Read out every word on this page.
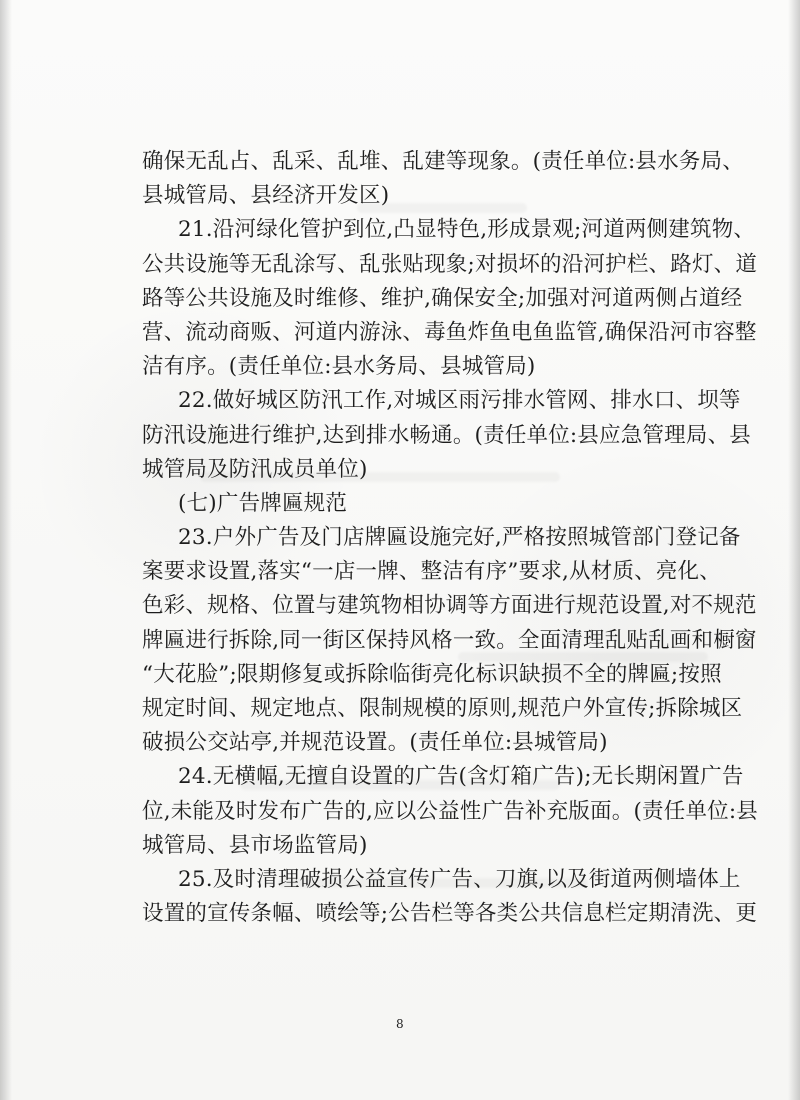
确保无乱占、乱采、乱堆、乱建等现象。(责任单位:县水务局、
县城管局、县经济开发区)
21.沿河绿化管护到位,凸显特色,形成景观;河道两侧建筑物、
公共设施等无乱涂写、乱张贴现象;对损坏的沿河护栏、路灯、道
路等公共设施及时维修、维护,确保安全;加强对河道两侧占道经
营、流动商贩、河道内游泳、毒鱼炸鱼电鱼监管,确保沿河市容整
洁有序。(责任单位:县水务局、县城管局)
22.做好城区防汛工作,对城区雨污排水管网、排水口、坝等
防汛设施进行维护,达到排水畅通。(责任单位:县应急管理局、县
城管局及防汛成员单位)
(七)广告牌匾规范
23.户外广告及门店牌匾设施完好,严格按照城管部门登记备
案要求设置,落实“一店一牌、整洁有序”要求,从材质、亮化、
色彩、规格、位置与建筑物相协调等方面进行规范设置,对不规范
牌匾进行拆除,同一街区保持风格一致。全面清理乱贴乱画和橱窗
“大花脸”;限期修复或拆除临街亮化标识缺损不全的牌匾;按照
规定时间、规定地点、限制规模的原则,规范户外宣传;拆除城区
破损公交站亭,并规范设置。(责任单位:县城管局)
24.无横幅,无擅自设置的广告(含灯箱广告);无长期闲置广告
位,未能及时发布广告的,应以公益性广告补充版面。(责任单位:县
城管局、县市场监管局)
25.及时清理破损公益宣传广告、刀旗,以及街道两侧墙体上
设置的宣传条幅、喷绘等;公告栏等各类公共信息栏定期清洗、更
8
